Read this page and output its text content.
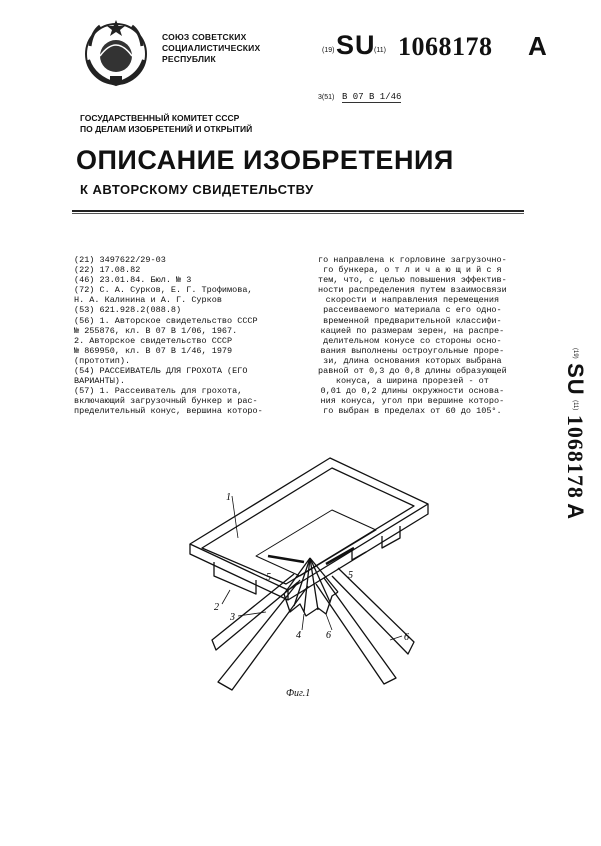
СОЮЗ СОВЕТСКИХ
СОЦИАЛИСТИЧЕСКИХ
РЕСПУБЛИК
(19) SU
(11) 1068178 A
3(51) В 07 В 1/46
ГОСУДАРСТВЕННЫЙ КОМИТЕТ СССР
ПО ДЕЛАМ ИЗОБРЕТЕНИЙ И ОТКРЫТИЙ
ОПИСАНИЕ ИЗОБРЕТЕНИЯ
К АВТОРСКОМУ СВИДЕТЕЛЬСТВУ
(21) 3497622/29-03
(22) 17.08.82
(46) 23.01.84. Бюл. № 3
(72) С. А. Сурков, Е. Г. Трофимова,
Н. А. Калинина и А. Г. Сурков
(53) 621.928.2(088.8)
(56) 1. Авторское свидетельство СССР
№ 255876, кл. В 07 В 1/06, 1967.
2. Авторское свидетельство СССР
№ 869950, кл. В 07 В 1/46, 1979
(прототип).
(54) РАССЕИВАТЕЛЬ ДЛЯ ГРОХОТА (ЕГО
ВАРИАНТЫ).
(57) 1. Рассеиватель для грохота,
включающий загрузочный бункер и рас-
пределительный конус, вершина которо-
го направлена к горловине загрузочно-
го бункера, о т л и ч а ю щ и й с я
тем, что, с целью повышения эффектив-
ности распределения путем взаимосвязи
скорости и направления перемещения
рассеиваемого материала с его одно-
временной предварительной классифи-
кацией по размерам зерен, на распре-
делительном конусе со стороны осно-
вания выполнены остроугольные проре-
зи, длина основания которых выбрана
равной от 0,3 до 0,8 длины образующей
конуса, а ширина прорезей - от
0,01 до 0,2 длины окружности основа-
ния конуса, угол при вершине которо-
го выбран в пределах от 60 до 105°.
$^{(19)}$ SU $^{(11)}$ 1068178 A
1
2
3
4
5	5
6	6
Фиг.1
